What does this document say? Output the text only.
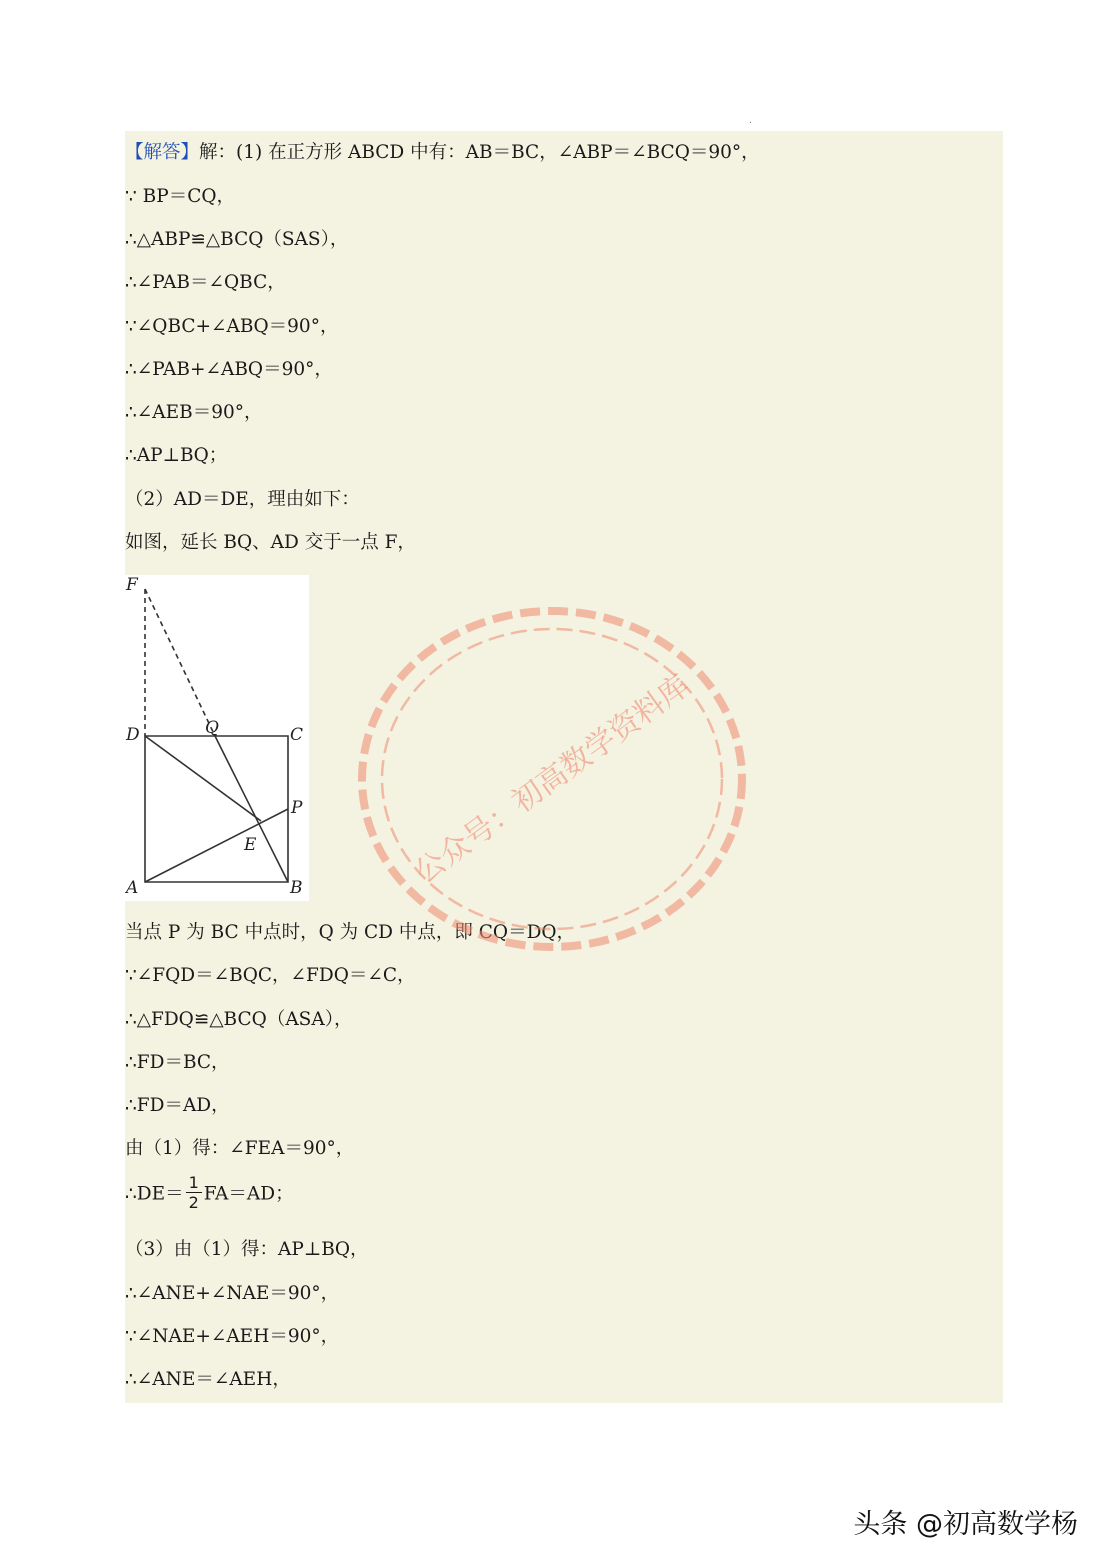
.
【解答】解：(1) 在正方形 ABCD 中有：AB＝BC，∠ABP＝∠BCQ＝90°，
∵ BP＝CQ，
∴△ABP≌△BCQ（SAS），
∴∠PAB＝∠QBC，
∵∠QBC+∠ABQ＝90°，
∴∠PAB+∠ABQ＝90°，
∴∠AEB＝90°，
∴AP⊥BQ；
（2）AD＝DE，理由如下：
如图，延长 BQ、AD 交于一点 F，
F
D	Q	C
P
E
A	B
当点 P 为 BC 中点时，Q 为 CD 中点，即 CQ＝DQ，
∵∠FQD＝∠BQC，∠FDQ＝∠C，
∴△FDQ≌△BCQ（ASA），
∴FD＝BC，
∴FD＝AD，
由（1）得：∠FEA＝90°，
∴DE＝ $\frac{1}{2} FA=AD$；
（3）由（1）得：AP⊥BQ，
∴∠ANE+∠NAE＝90°，
∵∠NAE+∠AEH＝90°，
∴∠ANE＝∠AEH，
公众号：初高数学资料库
头条 @初高数学杨
